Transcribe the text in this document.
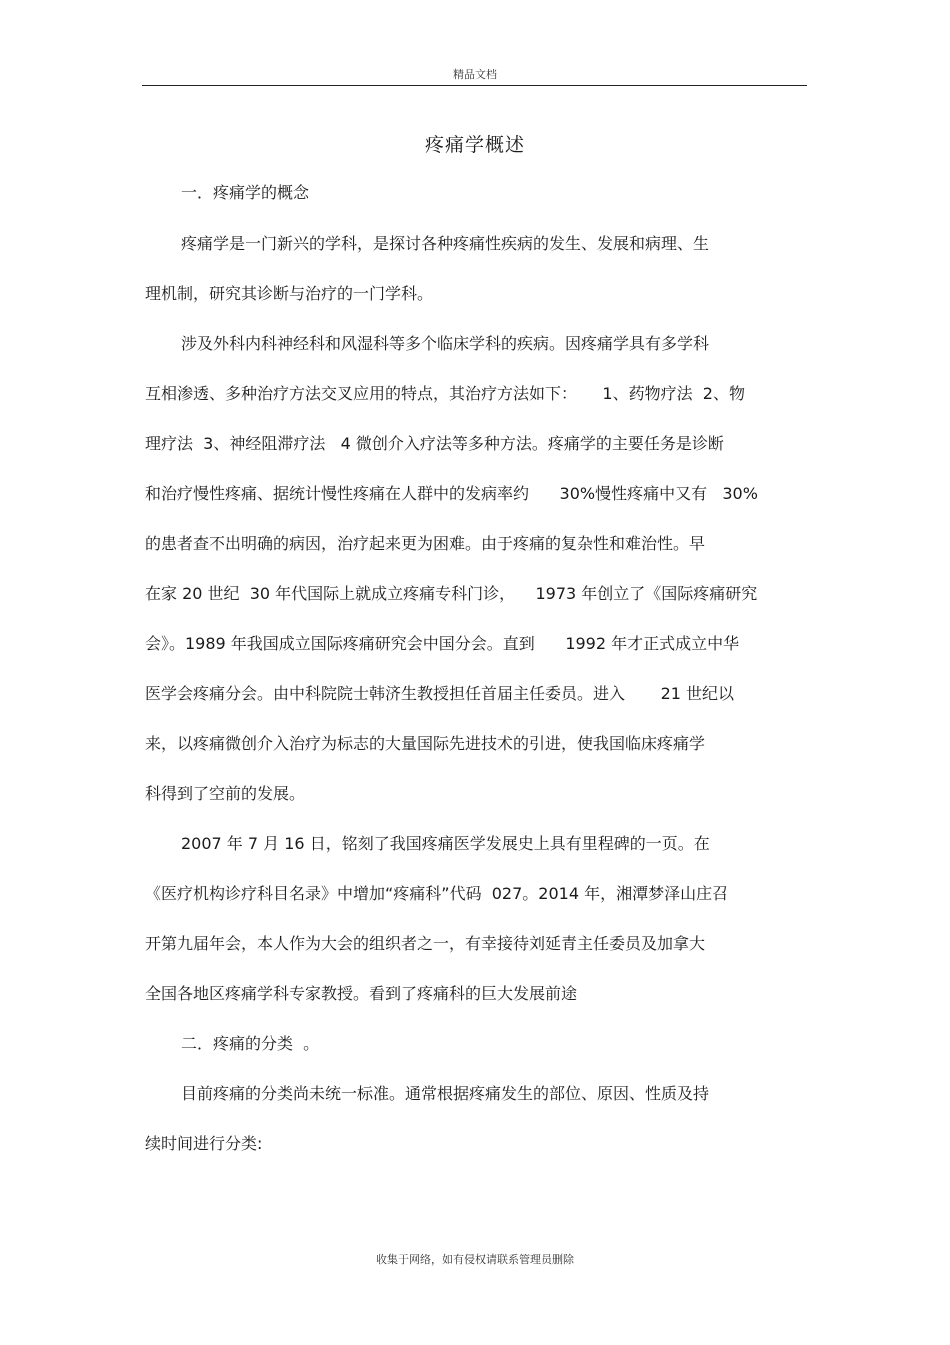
精品文档
疼痛学概述
一．疼痛学的概念
疼痛学是一门新兴的学科，是探讨各种疼痛性疾病的发生、发展和病理、生
理机制，研究其诊断与治疗的一门学科。
涉及外科内科神经科和风湿科等多个临床学科的疾病。因疼痛学具有多学科
互相渗透、多种治疗方法交叉应用的特点，其治疗方法如下：     1、药物疗法  2、物
理疗法  3、神经阻滞疗法   4 微创介入疗法等多种方法。疼痛学的主要任务是诊断
和治疗慢性疼痛、据统计慢性疼痛在人群中的发病率约      30%慢性疼痛中又有   30%
的患者查不出明确的病因，治疗起来更为困难。由于疼痛的复杂性和难治性。早
在家 20 世纪  30 年代国际上就成立疼痛专科门诊，    1973 年创立了《国际疼痛研究
会》。1989 年我国成立国际疼痛研究会中国分会。直到      1992 年才正式成立中华
医学会疼痛分会。由中科院院士韩济生教授担任首届主任委员。进入       21 世纪以
来，以疼痛微创介入治疗为标志的大量国际先进技术的引进，使我国临床疼痛学
科得到了空前的发展。
2007 年 7 月 16 日，铭刻了我国疼痛医学发展史上具有里程碑的一页。在
《医疗机构诊疗科目名录》中增加“疼痛科”代码  027。2014 年，湘潭梦泽山庄召
开第九届年会，本人作为大会的组织者之一，有幸接待刘延青主任委员及加拿大
全国各地区疼痛学科专家教授。看到了疼痛科的巨大发展前途
二．疼痛的分类  。
目前疼痛的分类尚未统一标准。通常根据疼痛发生的部位、原因、性质及持
续时间进行分类:
收集于网络，如有侵权请联系管理员删除
